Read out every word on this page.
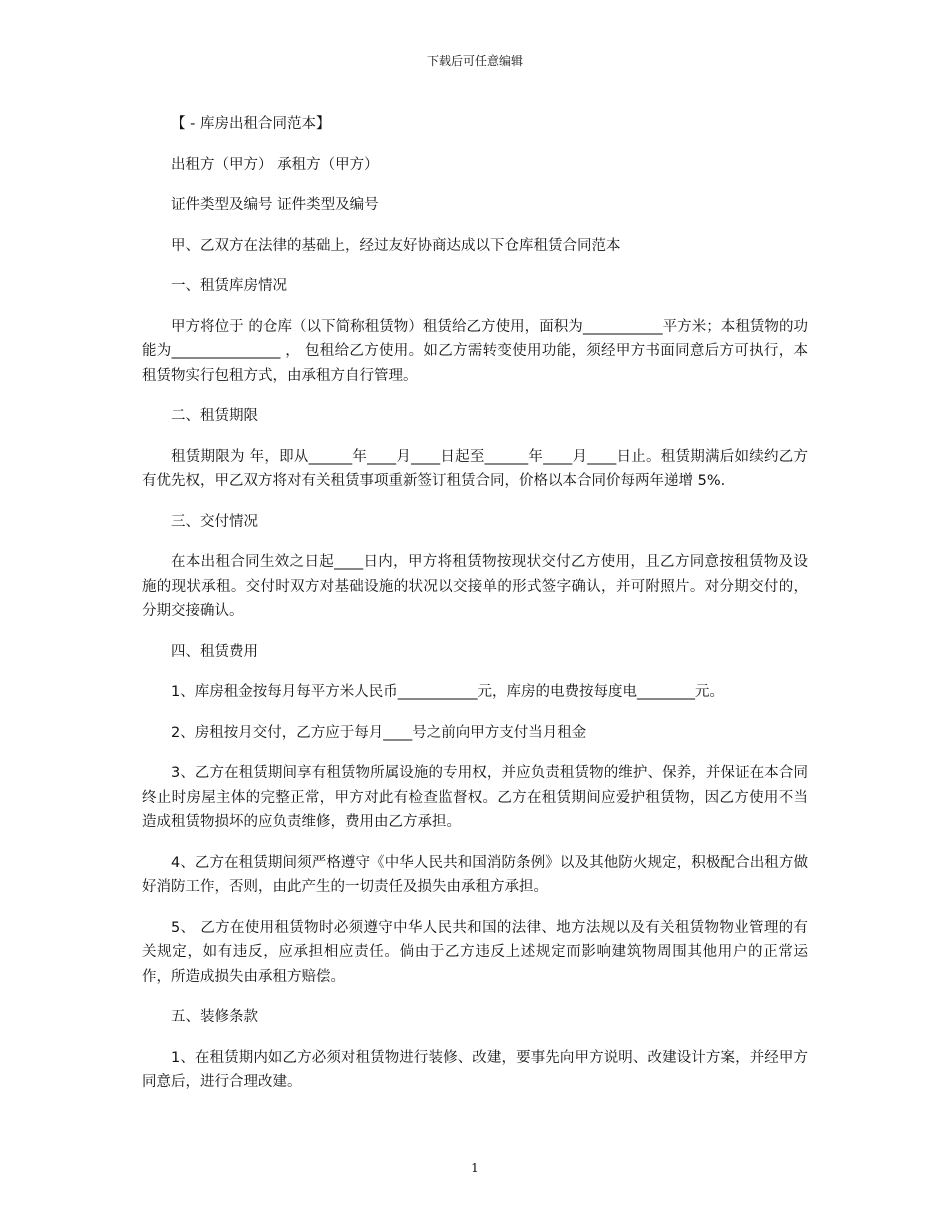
下载后可任意编辑

【 - 库房出租合同范本】

出租方（甲方） 承租方（甲方）

证件类型及编号 证件类型及编号

甲、乙双方在法律的基础上，经过友好协商达成以下仓库租赁合同范本

一、租赁库房情况

甲方将位于 的仓库（以下简称租赁物）租赁给乙方使用，面积为___________平方米；本租赁物的功能为_______________ ， 包租给乙方使用。如乙方需转变使用功能，须经甲方书面同意后方可执行，本租赁物实行包租方式，由承租方自行管理。

二、租赁期限

租赁期限为 年，即从______年____月____日起至______年____月____日止。租赁期满后如续约乙方有优先权，甲乙双方将对有关租赁事项重新签订租赁合同，价格以本合同价每两年递增 5%.

三、交付情况

在本出租合同生效之日起____日内，甲方将租赁物按现状交付乙方使用，且乙方同意按租赁物及设施的现状承租。交付时双方对基础设施的状况以交接单的形式签字确认，并可附照片。对分期交付的，分期交接确认。

四、租赁费用

1、库房租金按每月每平方米人民币___________元，库房的电费按每度电________元。

2、房租按月交付，乙方应于每月____号之前向甲方支付当月租金

3、乙方在租赁期间享有租赁物所属设施的专用权，并应负责租赁物的维护、保养，并保证在本合同终止时房屋主体的完整正常，甲方对此有检查监督权。乙方在租赁期间应爱护租赁物，因乙方使用不当造成租赁物损坏的应负责维修，费用由乙方承担。

4、乙方在租赁期间须严格遵守《中华人民共和国消防条例》以及其他防火规定，积极配合出租方做好消防工作，否则，由此产生的一切责任及损失由承租方承担。

5、 乙方在使用租赁物时必须遵守中华人民共和国的法律、地方法规以及有关租赁物物业管理的有关规定，如有违反，应承担相应责任。倘由于乙方违反上述规定而影响建筑物周围其他用户的正常运作，所造成损失由承租方赔偿。

五、装修条款

1、在租赁期内如乙方必须对租赁物进行装修、改建，要事先向甲方说明、改建设计方案，并经甲方同意后，进行合理改建。

1
